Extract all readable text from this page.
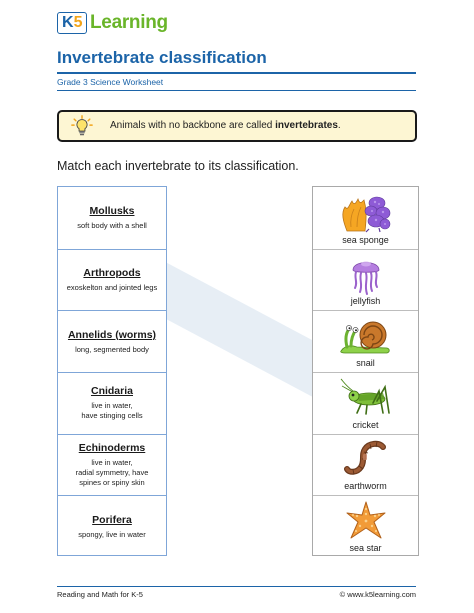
K5 Learning
Invertebrate classification
Grade 3 Science Worksheet
Animals with no backbone are called invertebrates.
Match each invertebrate to its classification.
Mollusks
soft body with a shell
Arthropods
exoskelton and jointed legs
Annelids (worms)
long, segmented body
Cnidaria
live in water,
have stinging cells
Echinoderms
live in water,
radial symmetry, have
spines or spiny skin
Porifera
spongy, live in water
sea sponge
jellyfish
snail
cricket
earthworm
sea star
Reading and Math for K-5	© www.k5learning.com
